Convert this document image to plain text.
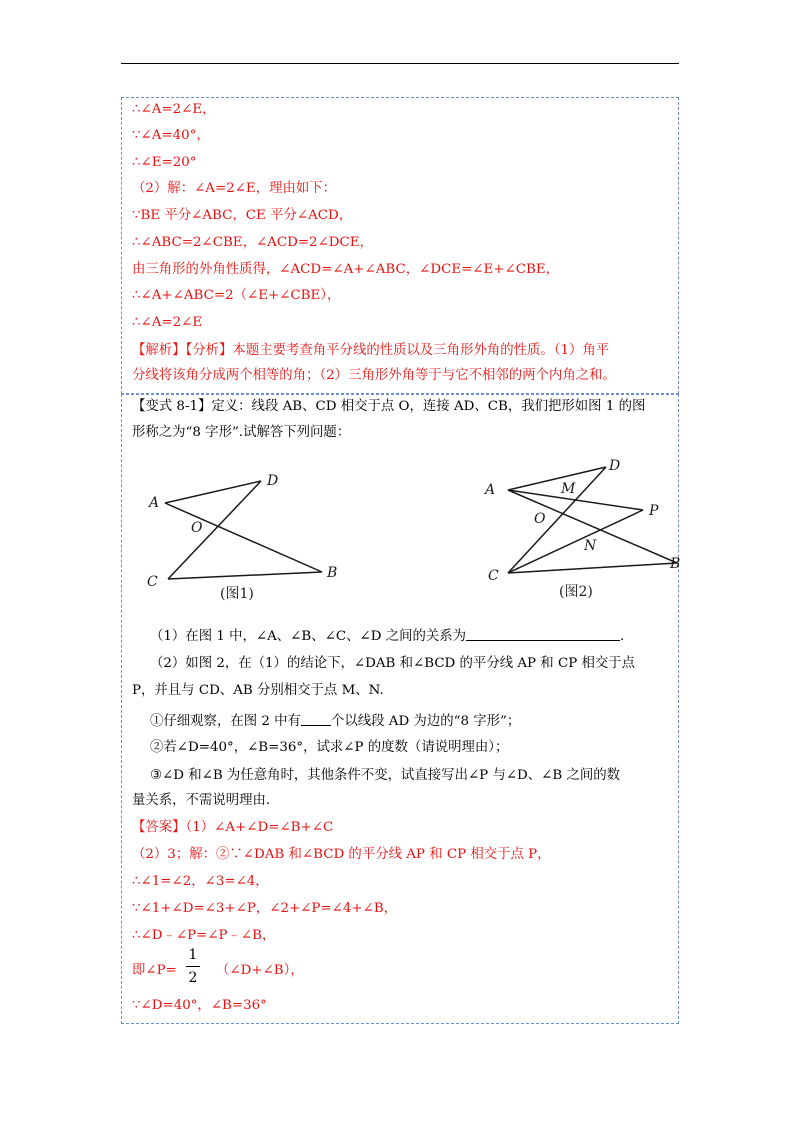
∴∠A=2∠E，
∵∠A=40°，
∴∠E=20°
（2）解：∠A=2∠E，理由如下：
∵BE 平分∠ABC，CE 平分∠ACD，
∴∠ABC=2∠CBE，∠ACD=2∠DCE，
由三角形的外角性质得，∠ACD=∠A+∠ABC，∠DCE=∠E+∠CBE，
∴∠A+∠ABC=2（∠E+∠CBE），
∴∠A=2∠E
【解析】【分析】本题主要考查角平分线的性质以及三角形外角的性质。（1）角平
分线将该角分成两个相等的角；（2）三角形外角等于与它不相邻的两个内角之和。
【变式 8-1】定义：线段 AB、CD 相交于点 O，连接 AD、CB，我们把形如图 1 的图
形称之为“8 字形”.试解答下列问题：
A
D
O
C
B
(图1)
A
D
M
O	P
N
C
B
(图2)
（1）在图 1 中，∠A、∠B、∠C、∠D 之间的关系为	.
（2）如图 2，在（1）的结论下，∠DAB 和∠BCD 的平分线 AP 和 CP 相交于点
P，并且与 CD、AB 分别相交于点 M、N.
①仔细观察，在图 2 中有 个以线段 AD 为边的“8 字形”；
②若∠D=40°，∠B=36°，试求∠P 的度数（请说明理由）；
③∠D 和∠B 为任意角时，其他条件不变，试直接写出∠P 与∠D、∠B 之间的数
量关系，不需说明理由.
【答案】（1）∠A+∠D=∠B+∠C
（2）3；解：②∵∠DAB 和∠BCD 的平分线 AP 和 CP 相交于点 P，
∴∠1=∠2，∠3=∠4，
∵∠1+∠D=∠3+∠P，∠2+∠P=∠4+∠B，
∴∠D﹣∠P=∠P﹣∠B，
即∠P=
1
2 （∠D+∠B），
∵∠D=40°，∠B=36°
